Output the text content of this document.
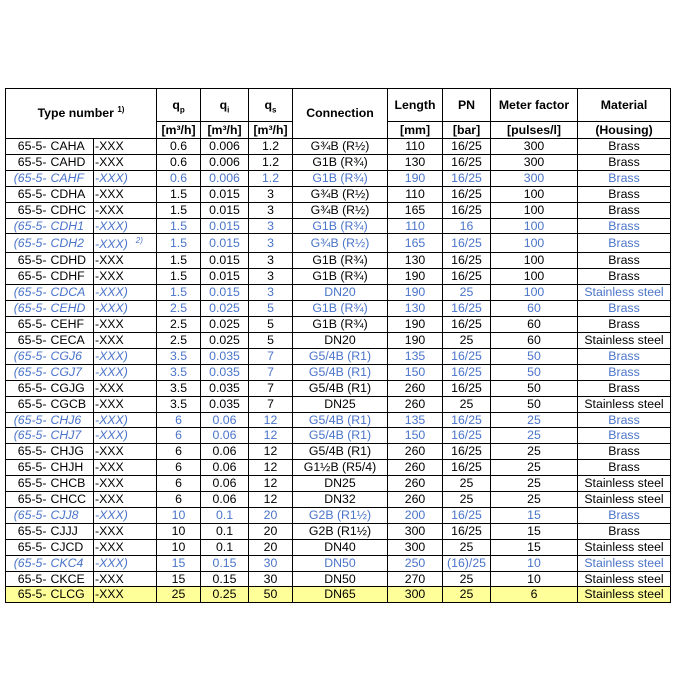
Type number $^{1)}$			$q_p$	$q_i$	$q_s$	Connection	Length	PN	Meter factor	Material
			[m³/h]	[m³/h]	[m³/h]		[mm]	[bar]	[pulses/l]	(Housing)
65-5-	CAHA	-XXX	0.6	0.006	1.2	G¾B (R½)	110	16/25	300	Brass
65-5-	CAHD	-XXX	0.6	0.006	1.2	G1B (R¾)	130	16/25	300	Brass
(65-5-	CAHF	-XXX)	0.6	0.006	1.2	G1B (R¾)	190	16/25	300	Brass
65-5-	CDHA	-XXX	1.5	0.015	3	G¾B (R½)	110	16/25	100	Brass
65-5-	CDHC	-XXX	1.5	0.015	3	G¾B (R½)	165	16/25	100	Brass
(65-5-	CDH1	-XXX)	1.5	0.015	3	G1B (R¾)	110	16	100	Brass
(65-5-	CDH2	-XXX) $^{2)}$	1.5	0.015	3	G¾B (R½)	165	16/25	100	Brass
65-5-	CDHD	-XXX	1.5	0.015	3	G1B (R¾)	130	16/25	100	Brass
65-5-	CDHF	-XXX	1.5	0.015	3	G1B (R¾)	190	16/25	100	Brass
(65-5-	CDCA	-XXX)	1.5	0.015	3	DN20	190	25	100	Stainless steel
(65-5-	CEHD	-XXX)	2.5	0.025	5	G1B (R¾)	130	16/25	60	Brass
65-5-	CEHF	-XXX	2.5	0.025	5	G1B (R¾)	190	16/25	60	Brass
65-5-	CECA	-XXX	2.5	0.025	5	DN20	190	25	60	Stainless steel
(65-5-	CGJ6	-XXX)	3.5	0.035	7	G5/4B (R1)	135	16/25	50	Brass
(65-5-	CGJ7	-XXX)	3.5	0.035	7	G5/4B (R1)	150	16/25	50	Brass
65-5-	CGJG	-XXX	3.5	0.035	7	G5/4B (R1)	260	16/25	50	Brass
65-5-	CGCB	-XXX	3.5	0.035	7	DN25	260	25	50	Stainless steel
(65-5-	CHJ6	-XXX)	6	0.06	12	G5/4B (R1)	135	16/25	25	Brass
(65-5-	CHJ7	-XXX)	6	0.06	12	G5/4B (R1)	150	16/25	25	Brass
65-5-	CHJG	-XXX	6	0.06	12	G5/4B (R1)	260	16/25	25	Brass
65-5-	CHJH	-XXX	6	0.06	12	G1½B (R5/4)	260	16/25	25	Brass
65-5-	CHCB	-XXX	6	0.06	12	DN25	260	25	25	Stainless steel
65-5-	CHCC	-XXX	6	0.06	12	DN32	260	25	25	Stainless steel
(65-5-	CJJ8	-XXX)	10	0.1	20	G2B (R1½)	200	16/25	15	Brass
65-5-	CJJJ	-XXX	10	0.1	20	G2B (R1½)	300	16/25	15	Brass
65-5-	CJCD	-XXX	10	0.1	20	DN40	300	25	15	Stainless steel
(65-5-	CKC4	-XXX)	15	0.15	30	DN50	250	(16)/25	10	Stainless steel
65-5-	CKCE	-XXX	15	0.15	30	DN50	270	25	10	Stainless steel
65-5-	CLCG	-XXX	25	0.25	50	DN65	300	25	6	Stainless steel
